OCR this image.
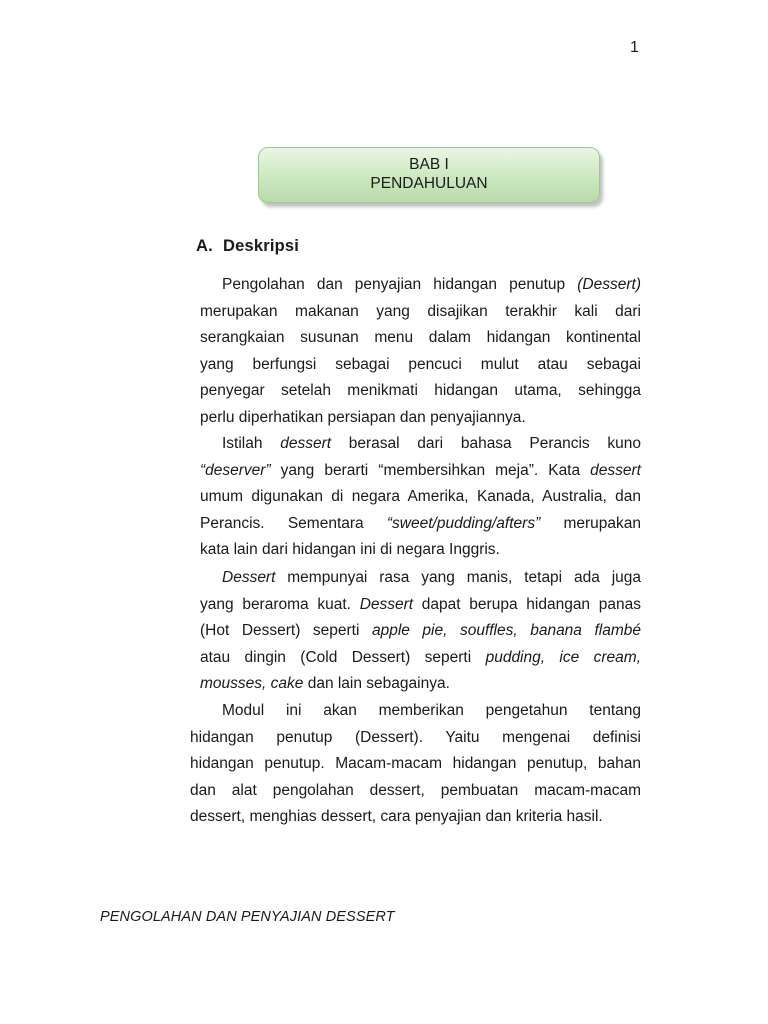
1
BAB I
PENDAHULUAN
A. Deskripsi
Pengolahan dan penyajian hidangan penutup (Dessert)
merupakan makanan yang disajikan terakhir kali dari
serangkaian susunan menu dalam hidangan kontinental
yang berfungsi sebagai pencuci mulut atau sebagai
penyegar setelah menikmati hidangan utama, sehingga
perlu diperhatikan persiapan dan penyajiannya.
Istilah dessert berasal dari bahasa Perancis kuno
“deserver” yang berarti “membersihkan meja”. Kata dessert
umum digunakan di negara Amerika, Kanada, Australia, dan
Perancis. Sementara “sweet/pudding/afters” merupakan
kata lain dari hidangan ini di negara Inggris.
Dessert mempunyai rasa yang manis, tetapi ada juga
yang beraroma kuat. Dessert dapat berupa hidangan panas
(Hot Dessert) seperti apple pie, souffles, banana flambé
atau dingin (Cold Dessert) seperti pudding, ice cream,
mousses, cake dan lain sebagainya.
Modul ini akan memberikan pengetahun tentang
hidangan penutup (Dessert). Yaitu mengenai definisi
hidangan penutup. Macam-macam hidangan penutup, bahan
dan alat pengolahan dessert, pembuatan macam-macam
dessert, menghias dessert, cara penyajian dan kriteria hasil.
PENGOLAHAN DAN PENYAJIAN DESSERT
